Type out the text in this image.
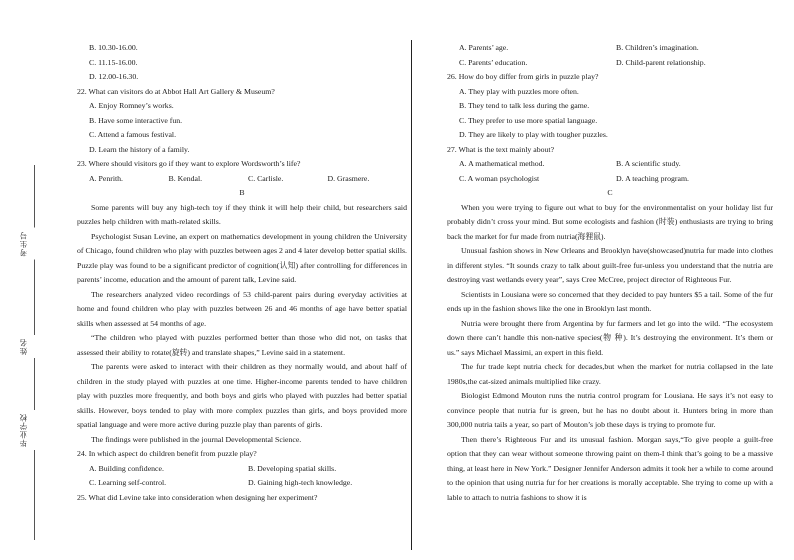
考生号
姓名
毕业学校
B. 10.30-16.00.
C. 11.15-16.00.
D. 12.00-16.30.
22. What can visitors do at Abbot Hall Art Gallery & Museum?
A. Enjoy Romney’s works.
B. Have some interactive fun.
C. Attend a famous festival.
D. Learn the history of a family.
23. Where should visitors go if they want to explore Wordsworth’s life?
A. Penrith.	B. Kendal.	C. Carlisle.	D. Grasmere.
B

Some parents will buy any high-tech toy if they think it will help their child, but researchers said puzzles help children with math-related skills.

Psychologist Susan Levine, an expert on mathematics development in young children the University of Chicago, found children who play with puzzles between ages 2 and 4 later develop better spatial skills. Puzzle play was found to be a significant predictor of cognition(认知) after controlling for differences in parents’ income, education and the amount of parent talk, Levine said.

The researchers analyzed video recordings of 53 child-parent pairs during everyday activities at home and found children who play with puzzles between 26 and 46 months of age have better spatial skills when assessed at 54 months of age.

“The children who played with puzzles performed better than those who did not, on tasks that assessed their ability to rotate(旋转) and translate shapes,” Levine said in a statement.

The parents were asked to interact with their children as they normally would, and about half of children in the study played with puzzles at one time. Higher-income parents tended to have children play with puzzles more frequently, and both boys and girls who played with puzzles had better spatial skills. However, boys tended to play with more complex puzzles than girls, and boys provided more spatial language and were more active during puzzle play than parents of girls.

The findings were published in the journal Developmental Science.

24. In which aspect do children benefit from puzzle play?
A. Building confidence.	B. Developing spatial skills.
C. Learning self-control.	D. Gaining high-tech knowledge.
25. What did Levine take into consideration when designing her experiment?
A. Parents’ age.	B. Children’s imagination.
C. Parents’ education.	D. Child-parent relationship.
26. How do boy differ from girls in puzzle play?
A. They play with puzzles more often.
B. They tend to talk less during the game.
C. They prefer to use more spatial language.
D. They are likely to play with tougher puzzles.
27. What is the text mainly about?
A. A mathematical method.	B. A scientific study.
C. A woman psychologist	D. A teaching program.
C

When you were trying to figure out what to buy for the environmentalist on your holiday list fur probably didn’t cross your mind. But some ecologists and fashion (时装) enthusiasts are trying to bring back the market for fur made from nutria(海狸鼠).

Unusual fashion shows in New Orleans and Brooklyn have(showcased)nutria fur made into clothes in different styles. “It sounds crazy to talk about guilt-free fur-unless you understand that the nutria are destroying vast wetlands every year”, says Cree McCree, project director of Righteous Fur.

Scientists in Lousiana were so concerned that they decided to pay hunters $5 a tail. Some of the fur ends up in the fashion shows like the one in Brooklyn last month.

Nutria were brought there from Argentina by fur farmers and let go into the wild. “The ecosystem down there can’t handle this non-native species(物 种). It’s destroying the environment. It’s them or us.” says Michael Massimi, an expert in this field.

The fur trade kept nutria check for decades,but when the market for nutria collapsed in the late 1980s,the cat-sized animals multiplied like crazy.

Biologist Edmond Mouton runs the nutria control program for Lousiana. He says it’s not easy to convince people that nutria fur is green, but he has no doubt about it. Hunters bring in more than 300,000 nutria tails a year, so part of Mouton’s job these days is trying to promote fur.

Then there’s Righteous Fur and its unusual fashion. Morgan says,“To give people a guilt-free option that they can wear without someone throwing paint on them-I think that’s going to be a massive thing, at least here in New York.” Designer Jennifer Anderson admits it took her a while to come around to the opinion that using nutria fur for her creations is morally acceptable. She trying to come up with a lable to attach to nutria fashions to show it is
